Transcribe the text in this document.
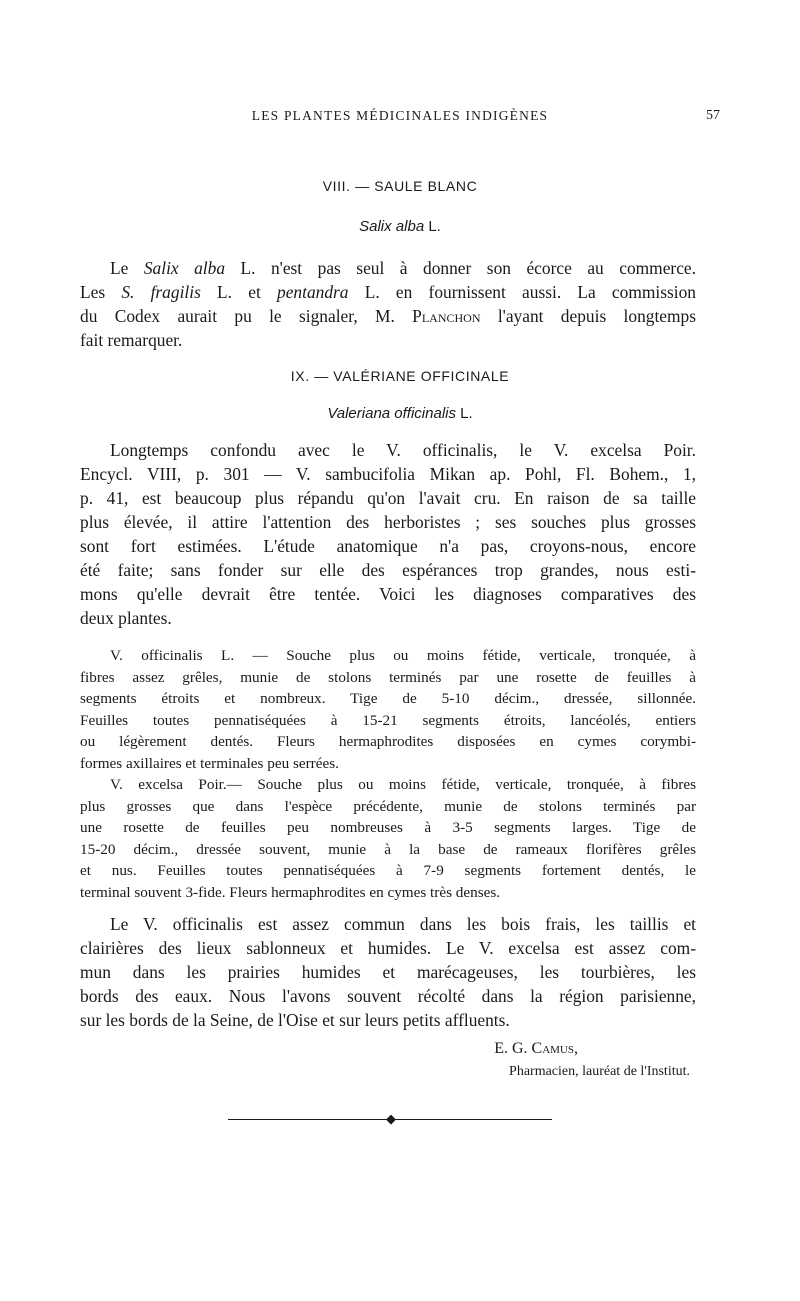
LES PLANTES MÉDICINALES INDIGÈNES	57
VIII. — SAULE BLANC
Salix alba L.
Le Salix alba L. n'est pas seul à donner son écorce au commerce.
Les S. fragilis L. et pentandra L. en fournissent aussi. La commission
du Codex aurait pu le signaler, M. Planchon l'ayant depuis longtemps
fait remarquer.
IX. — VALÉRIANE OFFICINALE
Valeriana officinalis L.
Longtemps confondu avec le V. officinalis, le V. excelsa Poir.
Encycl. VIII, p. 301 — V. sambucifolia Mikan ap. Pohl, Fl. Bohem., 1,
p. 41, est beaucoup plus répandu qu'on l'avait cru. En raison de sa taille
plus élevée, il attire l'attention des herboristes ; ses souches plus grosses
sont fort estimées. L'étude anatomique n'a pas, croyons-nous, encore
été faite; sans fonder sur elle des espérances trop grandes, nous esti-
mons qu'elle devrait être tentée. Voici les diagnoses comparatives des
deux plantes.
V. officinalis L. — Souche plus ou moins fétide, verticale, tronquée, à
fibres assez grêles, munie de stolons terminés par une rosette de feuilles à
segments étroits et nombreux. Tige de 5-10 décim., dressée, sillonnée.
Feuilles toutes pennatiséquées à 15-21 segments étroits, lancéolés, entiers
ou légèrement dentés. Fleurs hermaphrodites disposées en cymes corymbi-
formes axillaires et terminales peu serrées.
V. excelsa Poir.— Souche plus ou moins fétide, verticale, tronquée, à fibres
plus grosses que dans l'espèce précédente, munie de stolons terminés par
une rosette de feuilles peu nombreuses à 3-5 segments larges. Tige de
15-20 décim., dressée souvent, munie à la base de rameaux florifères grêles
et nus. Feuilles toutes pennatiséquées à 7-9 segments fortement dentés, le
terminal souvent 3-fide. Fleurs hermaphrodites en cymes très denses.
Le V. officinalis est assez commun dans les bois frais, les taillis et
clairières des lieux sablonneux et humides. Le V. excelsa est assez com-
mun dans les prairies humides et marécageuses, les tourbières, les
bords des eaux. Nous l'avons souvent récolté dans la région parisienne,
sur les bords de la Seine, de l'Oise et sur leurs petits affluents.
E. G. Camus,
Pharmacien, lauréat de l'Institut.
◆
